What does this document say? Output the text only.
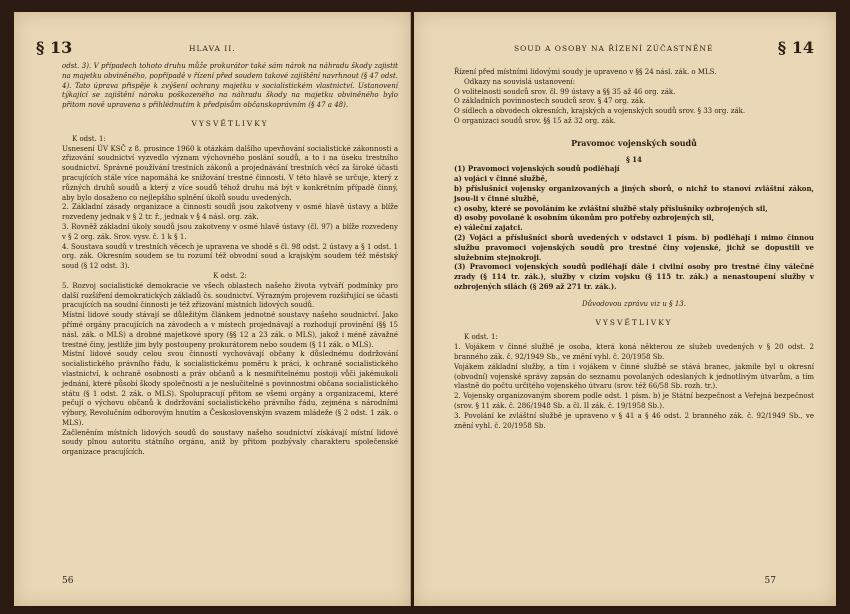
§ 13	HLAVA II.

odst. 3). V případech tohoto druhu může prokurátor také sám nárok na náhradu škody zajistit na majetku obviněného, popřípadě v řízení před soudem takové zajištění navrhnout (§ 47 odst. 4). Tato úprava přispěje k zvýšení ochrany majetku v socialistickém vlastnictví. Ustanovení týkající se zajištění nároku poškozeného na náhradu škody na majetku obviněného bylo přitom nově upravena s přihlédnutím k předpisům občanskoprávním (§ 47 a 48).

VYSVĚTLIVKY

K odst. 1:

Usnesení ÚV KSČ z 8. prosince 1960 k otázkám dalšího upevňování socialistické zákonnosti a zřizování soudnictví vyzvedlo význam výchovného poslání soudů, a to i na úseku trestního soudnictví. Správné používání trestních zákonů a projednávání trestních věcí za široké účasti pracujících stále více napomáhá ke snižování trestné činnosti. V této hlavě se určuje, který z různých druhů soudů a který z více soudů téhož druhu má být v konkrétním případě činný, aby bylo dosaženo co nejlepšího splnění úkolů soudu uvedených.

2. Základní zásady organizace a činnosti soudů jsou zakotveny v osmé hlavě ústavy a blíže rozvedeny jednak v § 2 tr. ř., jednak v § 4 násl. org. zák.

3. Rovněž základní úkoly soudů jsou zakotveny v osmé hlavě ústavy (čl. 97) a blíže rozvedeny v § 2 org. zák. Srov. vysv. č. 1 k § 1.

4. Soustava soudů v trestních věcech je upravena ve shodě s čl. 98 odst. 2 ústavy a § 1 odst. 1 org. zák. Okresním soudem se tu rozumí též obvodní soud a krajským soudem též městský soud (§ 12 odst. 3).

K odst. 2:

5. Rozvoj socialistické demokracie ve všech oblastech našeho života vytváří podmínky pro další rozšíření demokratických základů čs. soudnictví. Výrazným projevem rozšiřující se účasti pracujících na soudní činnosti je též zřizování místních lidových soudů.

Místní lidové soudy stávají se důležitým článkem jednotné soustavy našeho soudnictví. Jako přímé orgány pracujících na závodech a v místech projednávají a rozhodují provinění (§§ 15 násl. zák. o MLS) a drobné majetkové spory (§§ 12 a 23 zák. o MLS), jakož i méně závažné trestné činy, jestliže jim byly postoupeny prokurátorem nebo soudem (§ 11 zák. o MLS).

Místní lidové soudy celou svou činností vychovávají občany k důslednému dodržování socialistického právního řádu, k socialistickému poměru k práci, k ochraně socialistického vlastnictví, k ochraně osobnosti a práv občanů a k nesmiřitelnému postoji vůči jakémukoli jednání, které působí škody společnosti a je neslučitelné s povinnostmi občana socialistického státu (§ 1 odst. 2 zák. o MLS). Spolupracují přitom se všemi orgány a organizacemi, které pečují o výchovu občanů k dodržování socialistického právního řádu, zejména s národními výbory, Revolučním odborovým hnutím a Československým svazem mládeže (§ 2 odst. 1 zák. o MLS).

Začleněním místních lidových soudů do soustavy našeho soudnictví získávají místní lidové soudy plnou autoritu státního orgánu, aniž by přitom pozbývaly charakteru společenské organizace pracujících.

56
SOUD A OSOBY NA ŘÍZENÍ ZÚČASTNĚNÉ	§ 14

Řízení před místními lidovými soudy je upraveno v §§ 24 násl. zák. o MLS.

Odkazy na souvislá ustanovení:

O volitelnosti soudců srov. čl. 99 ústavy a §§ 35 až 46 org. zák.

O základních povinnostech soudců srov. § 47 org. zák.

O sídlech a obvodech okresních, krajských a vojenských soudů srov. § 33 org. zák.

O organizaci soudů srov. §§ 15 až 32 org. zák.

Pravomoc vojenských soudů

§ 14

(1) Pravomoci vojenských soudů podléhají

a) vojáci v činné službě,

b) příslušníci vojensky organizovaných a jiných sborů, o nichž to stanoví zvláštní zákon, jsou-li v činné službě,

c) osoby, které se povoláním ke zvláštní službě staly příslušníky ozbrojených sil,

d) osoby povolané k osobním úkonům pro potřeby ozbrojených sil,

e) váleční zajatci.

(2) Vojáci a příslušníci sborů uvedených v odstavci 1 písm. b) podléhají i mimo činnou službu pravomoci vojenských soudů pro trestné činy vojenské, jichž se dopustili ve služebním stejnokroji.

(3) Pravomoci vojenských soudů podléhají dále i civilní osoby pro trestné činy válečné zrady (§ 114 tr. zák.), služby v cizím vojsku (§ 115 tr. zák.) a nenastoupení služby v ozbrojených silách (§ 269 až 271 tr. zák.).

Důvodovou zprávu viz u § 13.

VYSVĚTLIVKY

K odst. 1:

1. Vojákem v činné službě je osoba, která koná některou ze služeb uvedených v § 20 odst. 2 branného zák. č. 92/1949 Sb., ve znění vyhl. č. 20/1958 Sb.

Vojákem základní služby, a tím i vojákem v činné službě se stává branec, jakmile byl u okresní (obvodní) vojenské správy zapsán do seznamu povolaných odeslaných k jednotlivým útvarům, a tím vlastně do počtu určitého vojenského útvaru (srov. též 66/58 Sb. rozh. tr.).

2. Vojensky organizovaným sborem podle odst. 1 písm. b) je Státní bezpečnost a Veřejná bezpečnost (srov. § 11 zák. č. 286/1948 Sb. a čl. II zák. č. 19/1958 Sb.).

3. Povolání ke zvláštní službě je upraveno v § 41 a § 46 odst. 2 branného zák. č. 92/1949 Sb., ve znění vyhl. č. 20/1958 Sb.

57
